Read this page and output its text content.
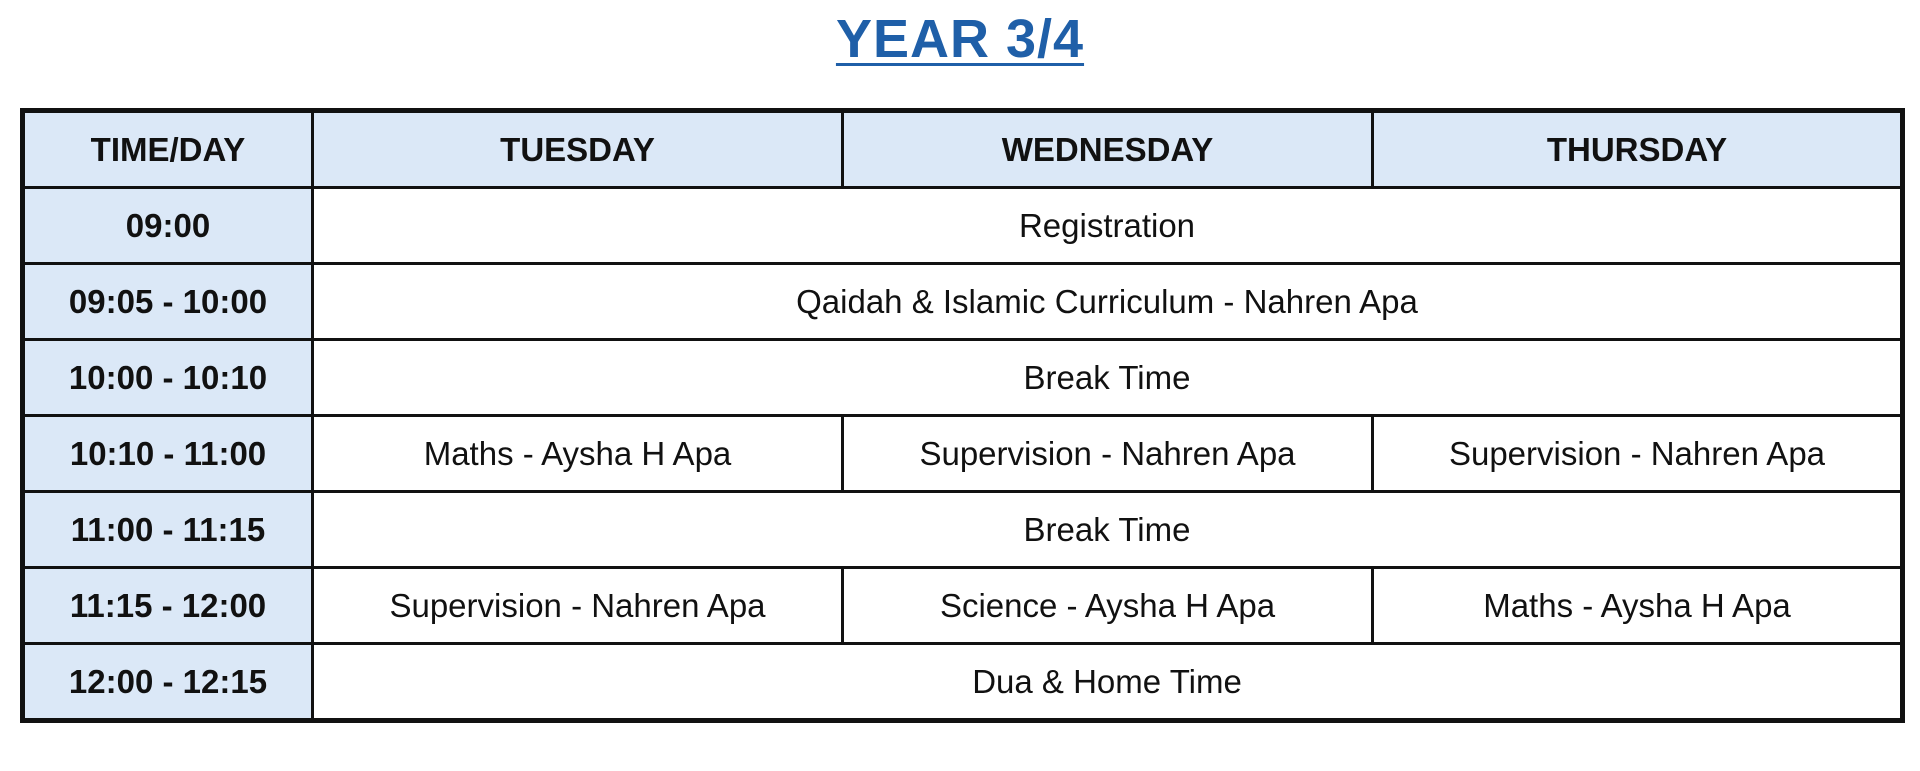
YEAR 3/4
TIME/DAY	TUESDAY	WEDNESDAY	THURSDAY
09:00	Registration		
09:05 - 10:00	Qaidah & Islamic Curriculum - Nahren Apa		
10:00 - 10:10	Break Time		
10:10 - 11:00	Maths - Aysha H Apa	Supervision - Nahren Apa	Supervision - Nahren Apa
11:00 - 11:15	Break Time		
11:15 - 12:00	Supervision - Nahren Apa	Science - Aysha H Apa	Maths - Aysha H Apa
12:00 - 12:15	Dua & Home Time		
